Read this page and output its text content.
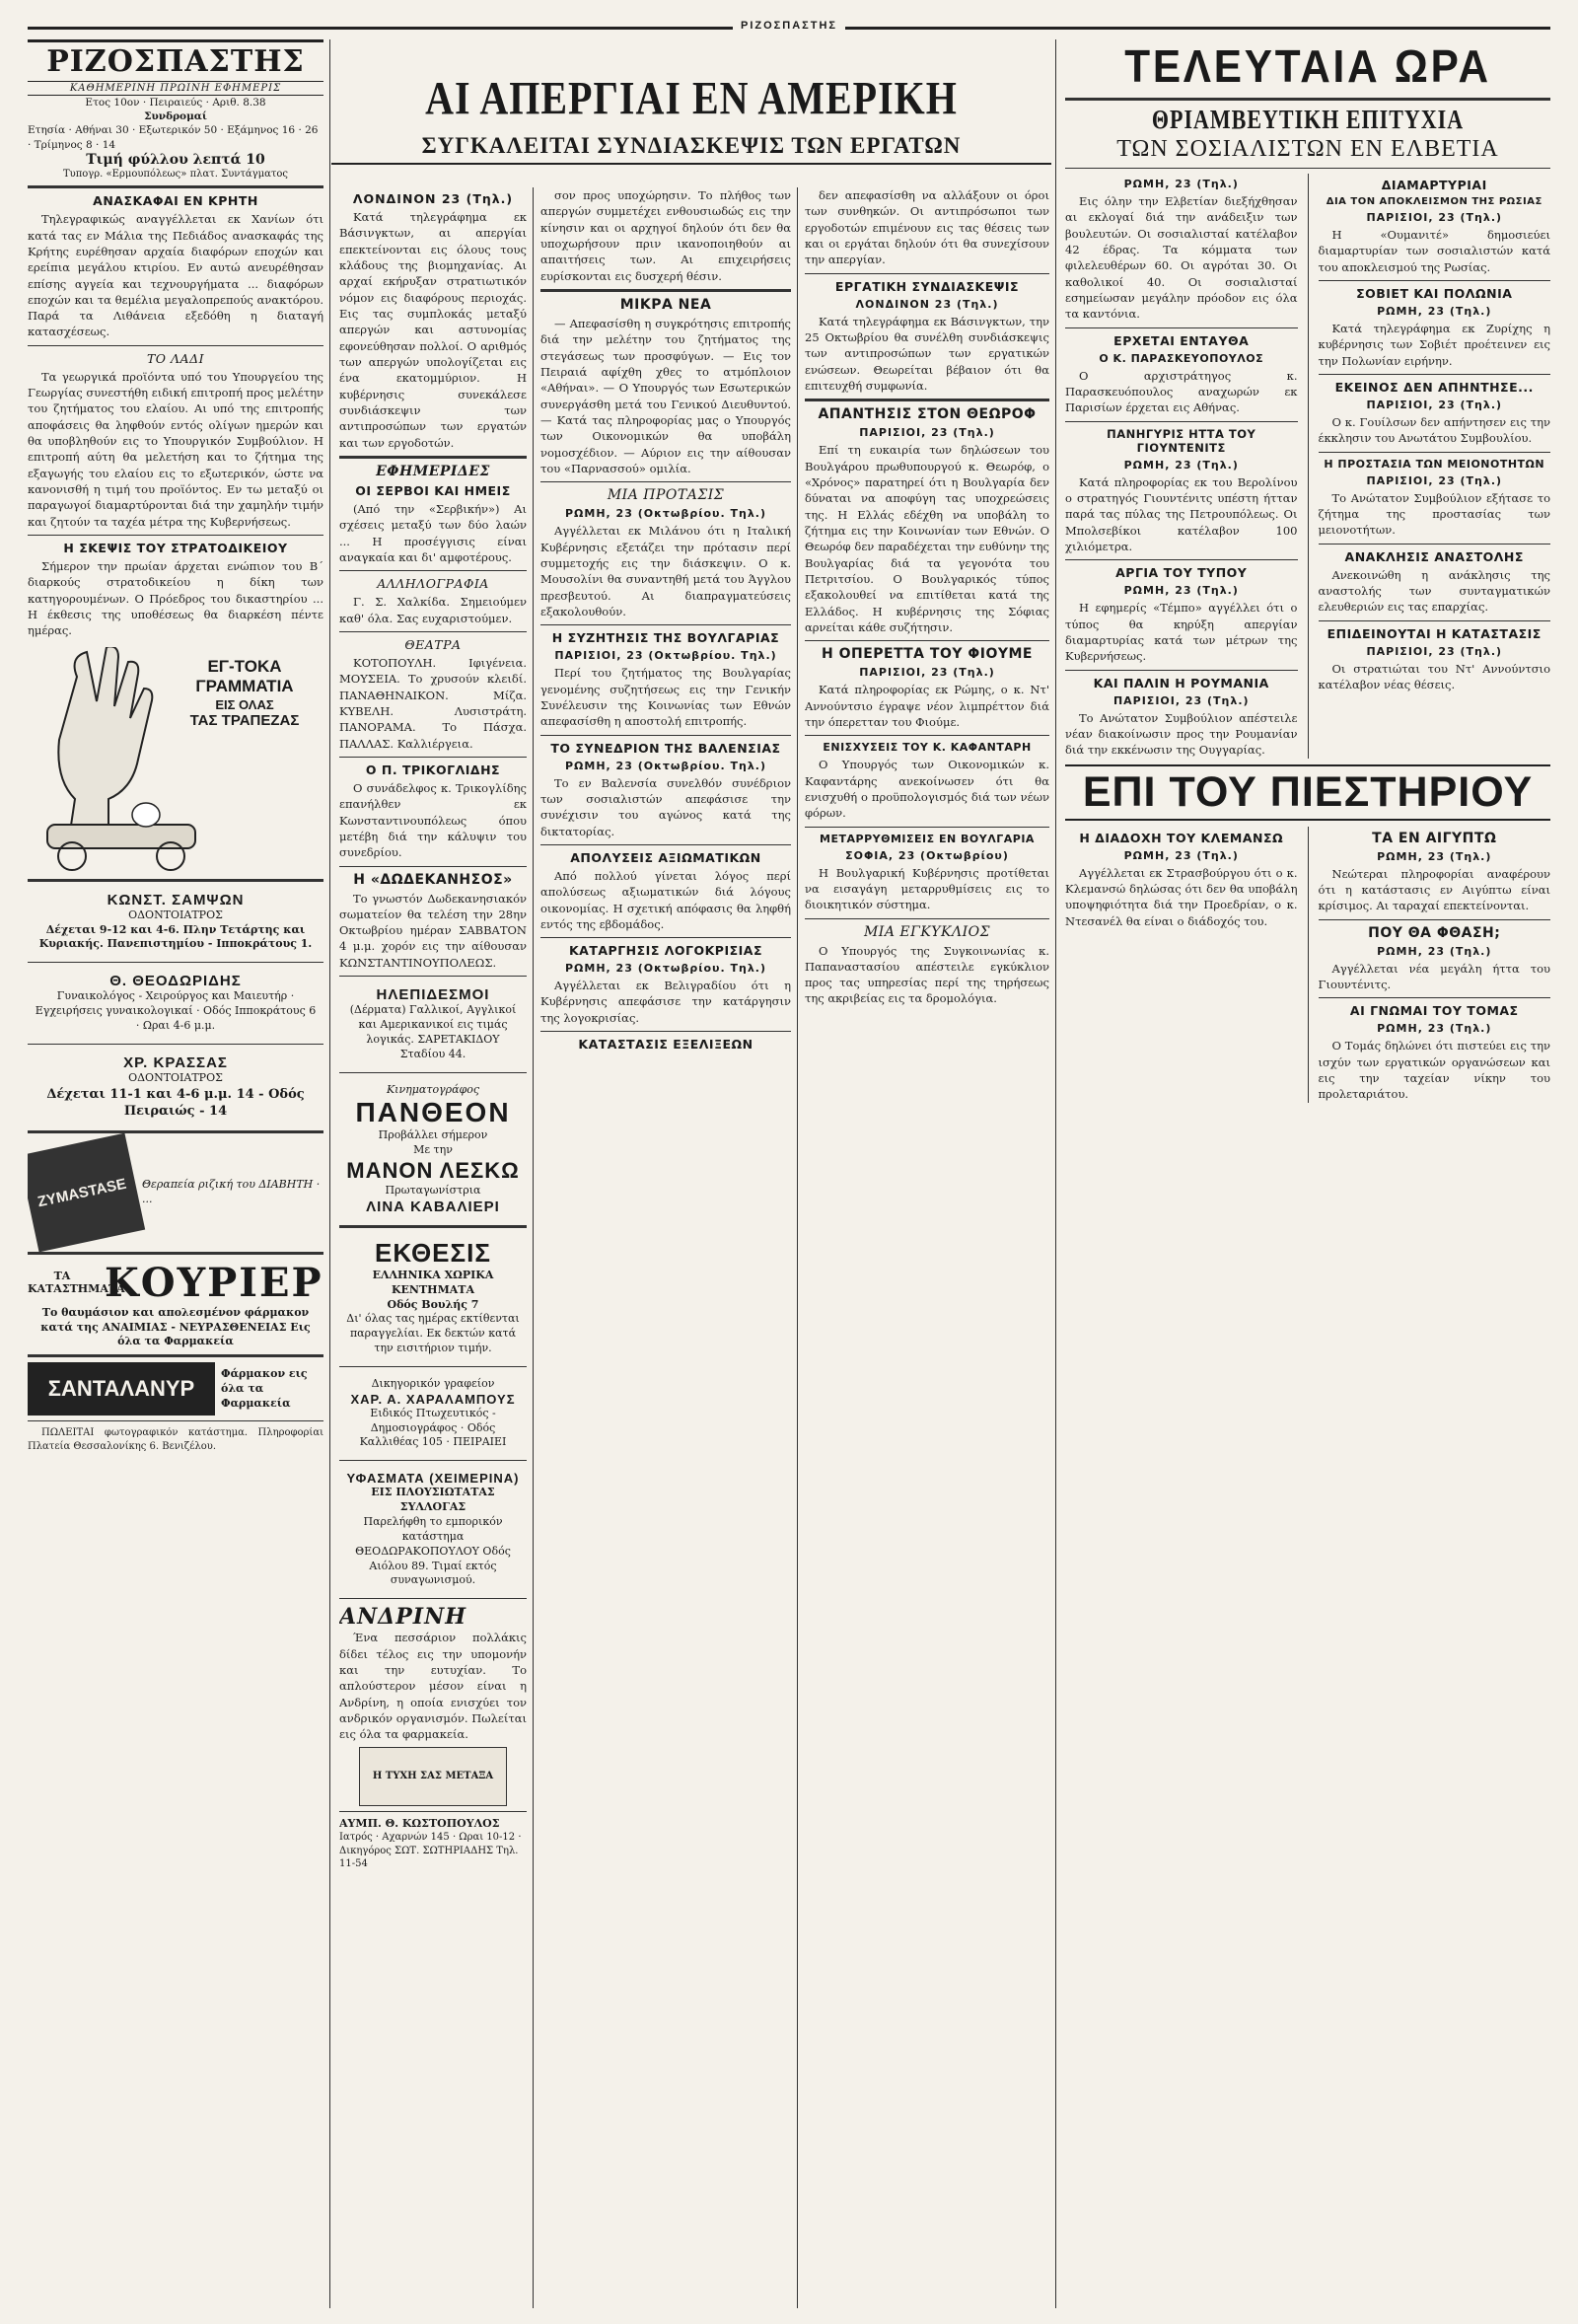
ΡΙΖΟΣΠΑΣΤΗΣ
ΡΙΖΟΣΠΑΣΤΗΣ
ΚΑΘΗΜΕΡΙΝΗ ΠΡΩΙΝΗ ΕΦΗΜΕΡΙΣ
Ετος 10ον · Πειραιεύς · Αριθ. 8.38
Συνδρομαί
Ετησία · Αθήναι 30 · Εξωτερικόν 50 · Εξάμηνος 16 · 26 · Τρίμηνος 8 · 14
Τιμή φύλλου λεπτά 10
Τυπογρ. «Ερμουπόλεως» πλατ. Συντάγματος
ΑΝΑΣΚΑΦΑΙ ΕΝ ΚΡΗΤΗ

Τηλεγραφικώς αναγγέλλεται εκ Χανίων ότι κατά τας εν Μάλια της Πεδιάδος ανασκαφάς της Κρήτης ευρέθησαν αρχαία διαφόρων εποχών και ερείπια μεγάλου κτιρίου. Εν αυτώ ανευρέθησαν επίσης αγγεία και τεχνουργήματα ... διαφόρων εποχών και τα θεμέλια μεγαλοπρεπούς ανακτόρου. Παρά τα Λιθάνεια εξεδόθη η διαταγή κατασχέσεως.

ΤΟ ΛΑΔΙ

Τα γεωργικά προϊόντα υπό του Υπουργείου της Γεωργίας συνεστήθη ειδική επιτροπή προς μελέτην του ζητήματος του ελαίου. Αι υπό της επιτροπής αποφάσεις θα ληφθούν εντός ολίγων ημερών και θα υποβληθούν εις το Υπουργικόν Συμβούλιον. Η επιτροπή αύτη θα μελετήση και το ζήτημα της εξαγωγής του ελαίου εις το εξωτερικόν, ώστε να κανονισθή η τιμή του προϊόντος. Εν τω μεταξύ οι παραγωγοί διαμαρτύρονται διά την χαμηλήν τιμήν και ζητούν τα ταχέα μέτρα της Κυβερνήσεως.

Η ΣΚΕΨΙΣ ΤΟΥ ΣΤΡΑΤΟΔΙΚΕΙΟΥ

Σήμερον την πρωίαν άρχεται ενώπιον του Β΄ διαρκούς στρατοδικείου η δίκη των κατηγορουμένων. Ο Πρόεδρος του δικαστηρίου ... Η έκθεσις της υποθέσεως θα διαρκέση πέντε ημέρας.

ΕΓ-ΤΟΚΑ
ΓΡΑΜΜΑΤΙΑ
ΕΙΣ ΟΛΑΣ
ΤΑΣ ΤΡΑΠΕΖΑΣ
ΚΩΝΣΤ. ΣΑΜΨΩΝ
ΟΔΟΝΤΟΙΑΤΡΟΣ
Δέχεται 9-12 και 4-6. Πλην Τετάρτης και Κυριακής. Πανεπιστημίου - Ιπποκράτους 1.
Θ. ΘΕΟΔΩΡΙΔΗΣ
Γυναικολόγος - Χειρούργος και Μαιευτήρ · Εγχειρήσεις γυναικολογικαί · Οδός Ιπποκράτους 6 · Ωραι 4-6 μ.μ.
ΧΡ. ΚΡΑΣΣΑΣ
ΟΔΟΝΤΟΙΑΤΡΟΣ
Δέχεται 11-1 και 4-6 μ.μ. 14 - Οδός Πειραιώς - 14
ZYMASTASE	Θεραπεία ριζική του ΔΙΑΒΗΤΗ · ...
ΤΑ ΚΑΤΑΣΤΗΜΑΤΑ
ΚΟΥΡΙΕΡ
Το θαυμάσιον και απολεσμένον φάρμακον κατά της ΑΝΑΙΜΙΑΣ - ΝΕΥΡΑΣΘΕΝΕΙΑΣ Εις όλα τα Φαρμακεία
ΣΑΝΤΑΛΑΝΥΡ
Φάρμακον εις όλα τα Φαρμακεία

ΠΩΛΕΙΤΑΙ φωτογραφικόν κατάστημα. Πληροφορίαι Πλατεία Θεσσαλονίκης 6. Βενιζέλου.

ΑΙ ΑΠΕΡΓΙΑΙ ΕΝ ΑΜΕΡΙΚΗ
ΣΥΓΚΑΛΕΙΤΑΙ ΣΥΝΔΙΑΣΚΕΨΙΣ ΤΩΝ ΕΡΓΑΤΩΝ
ΛΟΝΔΙΝΟΝ 23 (Τηλ.)

Κατά τηλεγράφημα εκ Βάσινγκτων, αι απεργίαι επεκτείνονται εις όλους τους κλάδους της βιομηχανίας. Αι αρχαί εκήρυξαν στρατιωτικόν νόμον εις διαφόρους περιοχάς. Εις τας συμπλοκάς μεταξύ απεργών και αστυνομίας εφονεύθησαν πολλοί. Ο αριθμός των απεργών υπολογίζεται εις ένα εκατομμύριον. Η κυβέρνησις συνεκάλεσε συνδιάσκεψιν των αντιπροσώπων των εργατών και των εργοδοτών.

ΕΦΗΜΕΡΙΔΕΣ
ΟΙ ΣΕΡΒΟΙ ΚΑΙ ΗΜΕΙΣ

(Από την «Σερβικήν») Αι σχέσεις μεταξύ των δύο λαών ... Η προσέγγισις είναι αναγκαία και δι' αμφοτέρους.

ΑΛΛΗΛΟΓΡΑΦΙΑ

Γ. Σ. Χαλκίδα. Σημειούμεν καθ' όλα. Σας ευχαριστούμεν.

ΘΕΑΤΡΑ

ΚΟΤΟΠΟΥΛΗ. Ιφιγένεια. ΜΟΥΣΕΙΑ. Το χρυσούν κλειδί. ΠΑΝΑΘΗΝΑΙΚΟΝ. Μίζα. ΚΥΒΕΛΗ. Λυσιστράτη. ΠΑΝΟΡΑΜΑ. Το Πάσχα. ΠΑΛΛΑΣ. Καλλιέργεια.

Ο Π. ΤΡΙΚΟΓΛΙΔΗΣ

Ο συνάδελφος κ. Τρικογλίδης επανήλθεν εκ Κωνσταντινουπόλεως όπου μετέβη διά την κάλυψιν του συνεδρίου.

Η «ΔΩΔΕΚΑΝΗΣΟΣ»

Το γνωστόν Δωδεκανησιακόν σωματείον θα τελέση την 28ην Οκτωβρίου ημέραν ΣΑΒΒΑΤΟΝ 4 μ.μ. χορόν εις την αίθουσαν ΚΩΝΣΤΑΝΤΙΝΟΥΠΟΛΕΩΣ.

ΗΛΕΠΙΔΕΣΜΟΙ
(Δέρματα) Γαλλικοί, Αγγλικοί και Αμερικανικοί εις τιμάς λογικάς. ΣΑΡΕΤΑΚΙΔΟΥ Σταδίου 44.
Κινηματογράφος
ΠΑΝΘΕΟΝ
Προβάλλει σήμερον
Με την
ΜΑΝΟΝ ΛΕΣΚΩ
Πρωταγωνίστρια
ΛΙΝΑ ΚΑΒΑΛΙΕΡΙ
ΕΚΘΕΣΙΣ
ΕΛΛΗΝΙΚΑ ΧΩΡΙΚΑ ΚΕΝΤΗΜΑΤΑ
Οδός Βουλής 7
Δι' όλας τας ημέρας εκτίθενται παραγγελίαι. Εκ δεκτών κατά την εισιτήριον τιμήν.
Δικηγορικόν γραφείον
ΧΑΡ. Α. ΧΑΡΑΛΑΜΠΟΥΣ
Ειδικός Πτωχευτικός - Δημοσιογράφος · Οδός Καλλιθέας 105 · ΠΕΙΡΑΙΕΙ
ΥΦΑΣΜΑΤΑ (ΧΕΙΜΕΡΙΝΑ)
ΕΙΣ ΠΛΟΥΣΙΩΤΑΤΑΣ ΣΥΛΛΟΓΑΣ
Παρελήφθη το εμπορικόν κατάστημα ΘΕΟΔΩΡΑΚΟΠΟΥΛΟΥ Οδός Αιόλου 89. Τιμαί εκτός συναγωνισμού.
ΑΝΔΡΙΝΗ

Ένα πεσσάριον πολλάκις δίδει τέλος εις την υπομονήν και την ευτυχίαν. Το απλούστερον μέσον είναι η Ανδρίνη, η οποία ενισχύει τον ανδρικόν οργανισμόν. Πωλείται εις όλα τα φαρμακεία.

Η ΤΥΧΗ ΣΑΣ ΜΕΤΑΞΑ
ΑΥΜΠ. Θ. ΚΩΣΤΟΠΟΥΛΟΣ
Ιατρός · Αχαρνών 145 · Ωραι 10-12 · Δικηγόρος ΣΩΤ. ΣΩΤΗΡΙΑΔΗΣ Τηλ. 11-54

σον προς υποχώρησιν. Το πλήθος των απεργών συμμετέχει ενθουσιωδώς εις την κίνησιν και οι αρχηγοί δηλούν ότι δεν θα υποχωρήσουν πριν ικανοποιηθούν αι απαιτήσεις των. Αι επιχειρήσεις ευρίσκονται εις δυσχερή θέσιν.

ΜΙΚΡΑ ΝΕΑ

— Απεφασίσθη η συγκρότησις επιτροπής διά την μελέτην του ζητήματος της στεγάσεως των προσφύγων. — Εις τον Πειραιά αφίχθη χθες το ατμόπλοιον «Αθήναι». — Ο Υπουργός των Εσωτερικών συνεργάσθη μετά του Γενικού Διευθυντού. — Κατά τας πληροφορίας μας ο Υπουργός των Οικονομικών θα υποβάλη νομοσχέδιον. — Αύριον εις την αίθουσαν του «Παρνασσού» ομιλία.

ΜΙΑ ΠΡΟΤΑΣΙΣ
ΡΩΜΗ, 23 (Οκτωβρίου. Τηλ.)

Αγγέλλεται εκ Μιλάνου ότι η Ιταλική Κυβέρνησις εξετάζει την πρότασιν περί συμμετοχής εις την διάσκεψιν. Ο κ. Μουσολίνι θα συναντηθή μετά του Άγγλου πρεσβευτού. Αι διαπραγματεύσεις εξακολουθούν.

Η ΣΥΖΗΤΗΣΙΣ ΤΗΣ ΒΟΥΛΓΑΡΙΑΣ
ΠΑΡΙΣΙΟΙ, 23 (Οκτωβρίου. Τηλ.)

Περί του ζητήματος της Βουλγαρίας γενομένης συζητήσεως εις την Γενικήν Συνέλευσιν της Κοινωνίας των Εθνών απεφασίσθη η αποστολή επιτροπής.

ΤΟ ΣΥΝΕΔΡΙΟΝ ΤΗΣ ΒΑΛΕΝΣΙΑΣ
ΡΩΜΗ, 23 (Οκτωβρίου. Τηλ.)

Το εν Βαλενσία συνελθόν συνέδριον των σοσιαλιστών απεφάσισε την συνέχισιν του αγώνος κατά της δικτατορίας.

ΑΠΟΛΥΣΕΙΣ ΑΞΙΩΜΑΤΙΚΩΝ

Από πολλού γίνεται λόγος περί απολύσεως αξιωματικών διά λόγους οικονομίας. Η σχετική απόφασις θα ληφθή εντός της εβδομάδος.

ΚΑΤΑΡΓΗΣΙΣ ΛΟΓΟΚΡΙΣΙΑΣ
ΡΩΜΗ, 23 (Οκτωβρίου. Τηλ.)

Αγγέλλεται εκ Βελιγραδίου ότι η Κυβέρνησις απεφάσισε την κατάργησιν της λογοκρισίας.

ΚΑΤΑΣΤΑΣΙΣ ΕΞΕΛΙΞΕΩΝ

δεν απεφασίσθη να αλλάξουν οι όροι των συνθηκών. Οι αντιπρόσωποι των εργοδοτών επιμένουν εις τας θέσεις των και οι εργάται δηλούν ότι θα συνεχίσουν την απεργίαν.

ΕΡΓΑΤΙΚΗ ΣΥΝΔΙΑΣΚΕΨΙΣ
ΛΟΝΔΙΝΟΝ 23 (Τηλ.)

Κατά τηλεγράφημα εκ Βάσινγκτων, την 25 Οκτωβρίου θα συνέλθη συνδιάσκεψις των αντιπροσώπων των εργατικών ενώσεων. Θεωρείται βέβαιον ότι θα επιτευχθή συμφωνία.

ΑΠΑΝΤΗΣΙΣ ΣΤΟΝ ΘΕΩΡΟΦ
ΠΑΡΙΣΙΟΙ, 23 (Τηλ.)

Επί τη ευκαιρία των δηλώσεων του Βουλγάρου πρωθυπουργού κ. Θεωρόφ, ο «Χρόνος» παρατηρεί ότι η Βουλγαρία δεν δύναται να αποφύγη τας υποχρεώσεις της. Η Ελλάς εδέχθη να υποβάλη το ζήτημα εις την Κοινωνίαν των Εθνών. Ο Θεωρόφ δεν παραδέχεται την ευθύνην της Βουλγαρίας διά τα γεγονότα του Πετριτσίου. Ο Βουλγαρικός τύπος εξακολουθεί να επιτίθεται κατά της Ελλάδος. Η κυβέρνησις της Σόφιας αρνείται κάθε συζήτησιν.

Η ΟΠΕΡΕΤΤΑ ΤΟΥ ΦΙΟΥΜΕ
ΠΑΡΙΣΙΟΙ, 23 (Τηλ.)

Κατά πληροφορίας εκ Ρώμης, ο κ. Ντ' Αννούντσιο έγραψε νέον λιμπρέττον διά την όπερετταν του Φιούμε.

ΕΝΙΣΧΥΣΕΙΣ ΤΟΥ Κ. ΚΑΦΑΝΤΑΡΗ

Ο Υπουργός των Οικονομικών κ. Καφαντάρης ανεκοίνωσεν ότι θα ενισχυθή ο προϋπολογισμός διά των νέων φόρων.

ΜΕΤΑΡΡΥΘΜΙΣΕΙΣ ΕΝ ΒΟΥΛΓΑΡΙΑ
ΣΟΦΙΑ, 23 (Οκτωβρίου)

Η Βουλγαρική Κυβέρνησις προτίθεται να εισαγάγη μεταρρυθμίσεις εις το διοικητικόν σύστημα.

ΜΙΑ ΕΓΚΥΚΛΙΟΣ

Ο Υπουργός της Συγκοινωνίας κ. Παπαναστασίου απέστειλε εγκύκλιον προς τας υπηρεσίας περί της τηρήσεως της ακριβείας εις τα δρομολόγια.

ΤΕΛΕΥΤΑΙΑ ΩΡΑ
ΘΡΙΑΜΒΕΥΤΙΚΗ ΕΠΙΤΥΧΙΑ
ΤΩΝ ΣΟΣΙΑΛΙΣΤΩΝ ΕΝ ΕΛΒΕΤΙΑ
ΡΩΜΗ, 23 (Τηλ.)

Εις όλην την Ελβετίαν διεξήχθησαν αι εκλογαί διά την ανάδειξιν των βουλευτών. Οι σοσιαλισταί κατέλαβον 42 έδρας. Τα κόμματα των φιλελευθέρων 60. Οι αγρόται 30. Οι καθολικοί 40. Οι σοσιαλισταί εσημείωσαν μεγάλην πρόοδον εις όλα τα καντόνια.

ΕΡΧΕΤΑΙ ΕΝΤΑΥΘΑ
Ο Κ. ΠΑΡΑΣΚΕΥΟΠΟΥΛΟΣ

Ο αρχιστράτηγος κ. Παρασκευόπουλος αναχωρών εκ Παρισίων έρχεται εις Αθήνας.

ΠΑΝΗΓΥΡΙΣ ΗΤΤΑ ΤΟΥ ΓΙΟΥΝΤΕΝΙΤΣ
ΡΩΜΗ, 23 (Τηλ.)

Κατά πληροφορίας εκ του Βερολίνου ο στρατηγός Γιουντένιτς υπέστη ήτταν παρά τας πύλας της Πετρουπόλεως. Οι Μπολσεβίκοι κατέλαβον 100 χιλιόμετρα.

ΑΡΓΙΑ ΤΟΥ ΤΥΠΟΥ
ΡΩΜΗ, 23 (Τηλ.)

Η εφημερίς «Τέμπο» αγγέλλει ότι ο τύπος θα κηρύξη απεργίαν διαμαρτυρίας κατά των μέτρων της Κυβερνήσεως.

ΚΑΙ ΠΑΛΙΝ Η ΡΟΥΜΑΝΙΑ
ΠΑΡΙΣΙΟΙ, 23 (Τηλ.)

Το Ανώτατον Συμβούλιον απέστειλε νέαν διακοίνωσιν προς την Ρουμανίαν διά την εκκένωσιν της Ουγγαρίας.

ΔΙΑΜΑΡΤΥΡΙΑΙ
ΔΙΑ ΤΟΝ ΑΠΟΚΛΕΙΣΜΟΝ ΤΗΣ ΡΩΣΙΑΣ
ΠΑΡΙΣΙΟΙ, 23 (Τηλ.)

Η «Ουμανιτέ» δημοσιεύει διαμαρτυρίαν των σοσιαλιστών κατά του αποκλεισμού της Ρωσίας.

ΣΟΒΙΕΤ ΚΑΙ ΠΟΛΩΝΙΑ
ΡΩΜΗ, 23 (Τηλ.)

Κατά τηλεγράφημα εκ Ζυρίχης η κυβέρνησις των Σοβιέτ προέτεινεν εις την Πολωνίαν ειρήνην.

ΕΚΕΙΝΟΣ ΔΕΝ ΑΠΗΝΤΗΣΕ...
ΠΑΡΙΣΙΟΙ, 23 (Τηλ.)

Ο κ. Γουίλσων δεν απήντησεν εις την έκκλησιν του Ανωτάτου Συμβουλίου.

Η ΠΡΟΣΤΑΣΙΑ ΤΩΝ ΜΕΙΟΝΟΤΗΤΩΝ
ΠΑΡΙΣΙΟΙ, 23 (Τηλ.)

Το Ανώτατον Συμβούλιον εξήτασε το ζήτημα της προστασίας των μειονοτήτων.

ΑΝΑΚΛΗΣΙΣ ΑΝΑΣΤΟΛΗΣ

Ανεκοινώθη η ανάκλησις της αναστολής των συνταγματικών ελευθεριών εις τας επαρχίας.

ΕΠΙΔΕΙΝΟΥΤΑΙ Η ΚΑΤΑΣΤΑΣΙΣ
ΠΑΡΙΣΙΟΙ, 23 (Τηλ.)

Οι στρατιώται του Ντ' Αννούντσιο κατέλαβον νέας θέσεις.

ΕΠΙ ΤΟΥ ΠΙΕΣΤΗΡΙΟΥ
Η ΔΙΑΔΟΧΗ ΤΟΥ ΚΛΕΜΑΝΣΩ
ΡΩΜΗ, 23 (Τηλ.)

Αγγέλλεται εκ Στρασβούργου ότι ο κ. Κλεμανσώ δηλώσας ότι δεν θα υποβάλη υποψηφιότητα διά την Προεδρίαν, ο κ. Ντεσανέλ θα είναι ο διάδοχός του.

ΤΑ ΕΝ ΑΙΓΥΠΤΩ
ΡΩΜΗ, 23 (Τηλ.)

Νεώτεραι πληροφορίαι αναφέρουν ότι η κατάστασις εν Αιγύπτω είναι κρίσιμος. Αι ταραχαί επεκτείνονται.

ΠΟΥ ΘΑ ΦΘΑΣΗ;
ΡΩΜΗ, 23 (Τηλ.)

Αγγέλλεται νέα μεγάλη ήττα του Γιουντένιτς.

ΑΙ ΓΝΩΜΑΙ ΤΟΥ ΤΟΜΑΣ
ΡΩΜΗ, 23 (Τηλ.)

Ο Τομάς δηλώνει ότι πιστεύει εις την ισχύν των εργατικών οργανώσεων και εις την ταχείαν νίκην του προλεταριάτου.
